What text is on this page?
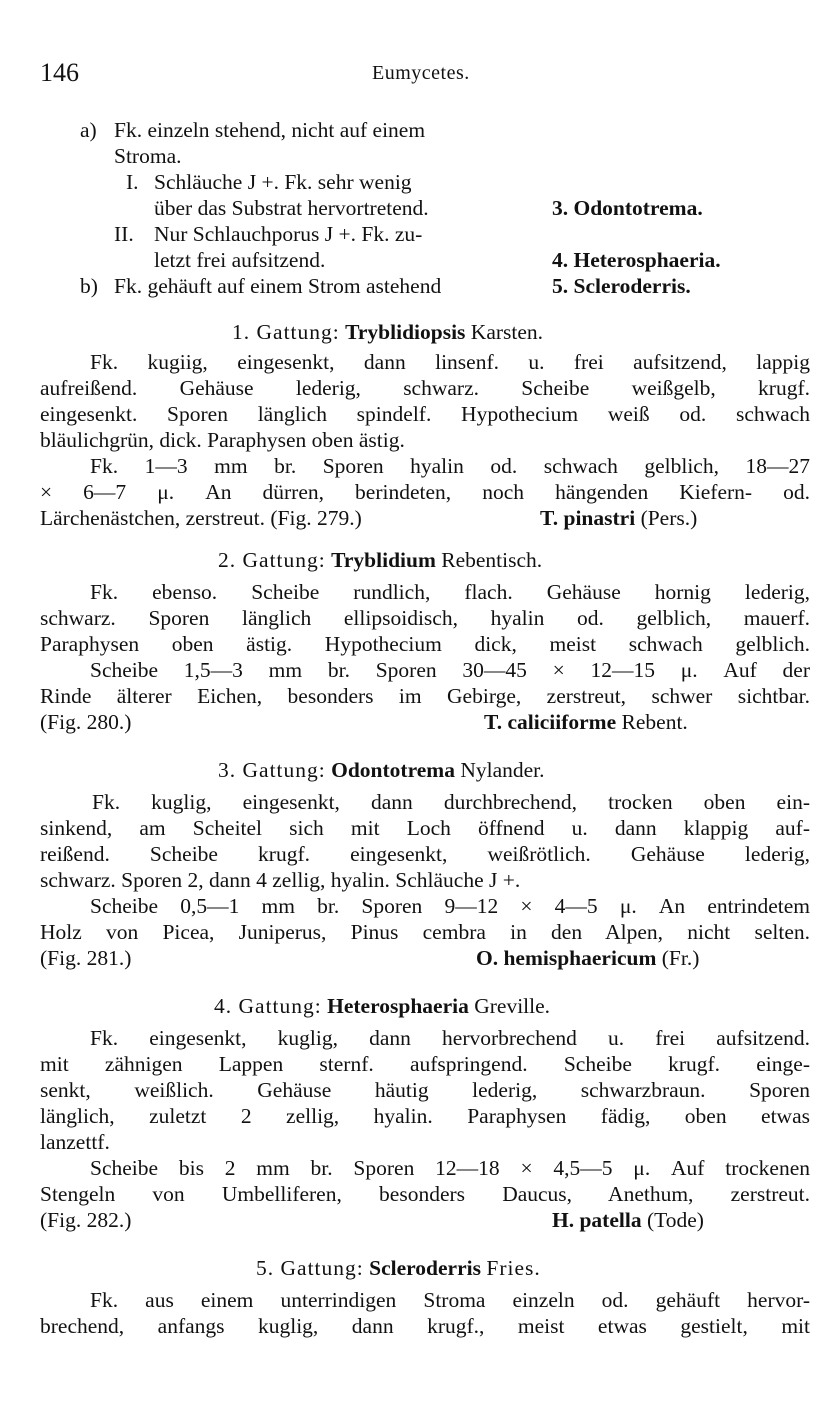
146	Eumycetes.
a) Fk. einzeln stehend, nicht auf einem
Stroma.
I. Schläuche J +. Fk. sehr wenig
über das Substrat hervortretend.	3. Odontotrema.
II. Nur Schlauchporus J +. Fk. zu-
letzt frei aufsitzend.	4. Heterosphaeria.
b) Fk. gehäuft auf einem Strom astehend	5. Scleroderris.
1. Gattung: Tryblidiopsis Karsten.
Fk. kugiig, eingesenkt, dann linsenf. u. frei aufsitzend, lappig
aufreißend. Gehäuse lederig, schwarz. Scheibe weißgelb, krugf.
eingesenkt. Sporen länglich spindelf. Hypothecium weiß od. schwach
bläulichgrün, dick. Paraphysen oben ästig.
Fk. 1—3 mm br. Sporen hyalin od. schwach gelblich, 18—27
× 6—7 μ. An dürren, berindeten, noch hängenden Kiefern- od.
Lärchenästchen, zerstreut. (Fig. 279.)	T. pinastri (Pers.)
2. Gattung: Tryblidium Rebentisch.
Fk. ebenso. Scheibe rundlich, flach. Gehäuse hornig lederig,
schwarz. Sporen länglich ellipsoidisch, hyalin od. gelblich, mauerf.
Paraphysen oben ästig. Hypothecium dick, meist schwach gelblich.
Scheibe 1,5—3 mm br. Sporen 30—45 × 12—15 μ. Auf der
Rinde älterer Eichen, besonders im Gebirge, zerstreut, schwer sichtbar.
(Fig. 280.)	T. caliciiforme Rebent.
3. Gattung: Odontotrema Nylander.
Fk. kuglig, eingesenkt, dann durchbrechend, trocken oben ein-
sinkend, am Scheitel sich mit Loch öffnend u. dann klappig auf-
reißend. Scheibe krugf. eingesenkt, weißrötlich. Gehäuse lederig,
schwarz. Sporen 2, dann 4 zellig, hyalin. Schläuche J +.
Scheibe 0,5—1 mm br. Sporen 9—12 × 4—5 μ. An entrindetem
Holz von Picea, Juniperus, Pinus cembra in den Alpen, nicht selten.
(Fig. 281.)	O. hemisphaericum (Fr.)
4. Gattung: Heterosphaeria Greville.
Fk. eingesenkt, kuglig, dann hervorbrechend u. frei aufsitzend.
mit zähnigen Lappen sternf. aufspringend. Scheibe krugf. einge-
senkt, weißlich. Gehäuse häutig lederig, schwarzbraun. Sporen
länglich, zuletzt 2 zellig, hyalin. Paraphysen fädig, oben etwas
lanzettf.
Scheibe bis 2 mm br. Sporen 12—18 × 4,5—5 μ. Auf trockenen
Stengeln von Umbelliferen, besonders Daucus, Anethum, zerstreut.
(Fig. 282.)	H. patella (Tode)
5. Gattung: Scleroderris Fries.
Fk. aus einem unterrindigen Stroma einzeln od. gehäuft hervor-
brechend, anfangs kuglig, dann krugf., meist etwas gestielt, mit
